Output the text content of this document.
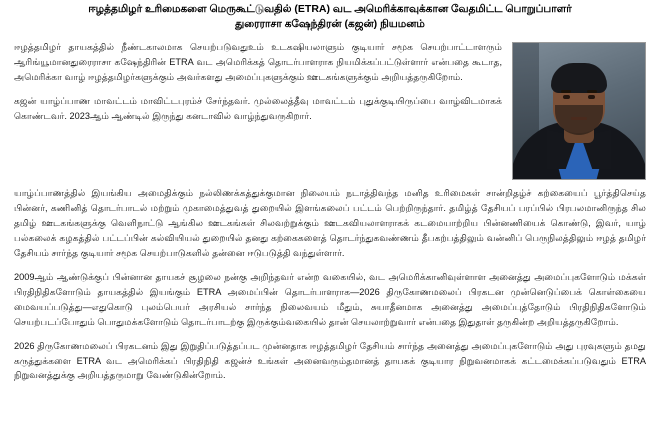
ஈழத்தமிழர் உரிமைகளை மெருகூட்டுவதில் (ETRA) வட அமெரிக்காவுக்கான வேதமிட்ட பொறுப்பாளர்
துரைராசா கஷேந்திரன் (கஜன்) நியமனம்

ஈழத்தமிழர் தாயகத்தில் நீண்டகாலமாக செயற்படுவதுஉம் உடகஷியலாளும் குடியார் சமூக செயற்பாட்டாளரும் ஆரிங்யூமானதுரைராசா கஷேந்திரின் ETRA வட அமெரிக்கத் தொடர்பாளராக நியமிக்கப்பட்டுள்ளார் என்பதை கூடாத, அமெரிக்கா வாழ் ஈழத்தமிழர்களுக்கும் அவர்களது அமைப்புகளுக்கும் ஊடகங்களுக்கும் அறியத்தருகிறோம்.

கஜன் யாழ்ப்பாண மாவட்டம் மாவிட்டபுரம்ச் சேர்ந்தவர். முல்லைத்தீவு மாவட்டம் புதுக்குடியிருப்பை வாழ்விடமாகக் கொண்டவர். 2023ஆம் ஆண்டில் இருந்து கனடாவில் வாழ்ந்துவருகிறார்.

யாழ்ப்பாணத்தில் இயங்கிய அமைதிக்கும் நல்லிணக்கத்துக்குமான நிலையம் நடாத்திவந்த மனித உரிமைகள் சான்றிதழ்ச் கற்கையைப் பூர்த்திசெய்த பின்னர், கணினித் தொடர்பாடல் மற்றும் முகாமைத்துவத் துறையில் இளங்கலைப் பட்டம் பெற்றிருந்தார். தமிழ்த் தேசியப் பரப்பில் பிரபலமானிருந்த சில தமிழ் ஊடகங்களுக்கு வெளிநாட்டு ஆங்கில ஊடகங்கள் சிலவற்றுக்கும் ஊடகவியலாளராகக் கடமையாற்றிய பின்னணியைக் கொண்டு, இவர், யாழ் பல்கலைக் கழகத்தில் பட்டப்பின் கல்வியியல் துறையில் தனது கற்கைகளைத் தொடர்ந்துகவண்ணம் தீபகற்பத்திலும் வன்னிப் பெருநிலத்திலும் ஈழத் தமிழர் தேசியம் சார்ந்த குடியார் சமூக செயற்பாடுகளில் தன்னை ஈடுபடுத்தி வந்துள்ளார்.

2009ஆம் ஆண்டுக்குப் பின்னான தாயகச் சூழலை நன்கு அறிந்தவர் என்ற வகையில், வட அமெரிக்கானிவுள்ளாள அனைத்து அமைப்புகளோடும் மக்கள் பிரதிநிதிகளோடும் தாயகத்தில் இயங்கும் ETRA அமைப்பின் தொடர்பாளராக—2026 திருகோணமலைப் பிரகடன முன்னெடுப்பைக் கொள்கையை மைவயப்படுத்து—எதுகொடு புலம்பெயர் அரசியல் சார்ந்த நிலைவயம் மீதும், சுயாதீனமாக அனைத்து அமைப்புத்தோடும் பிரதிநிதிகளோடும் செயற்படப்போதும் பொதுமக்களோடும் தொடர்பாடற்கு இருக்கும்வகையில் தான் செயலாற்றுவார் என்பதை இதுதாள் தருகின்ற அறியத்தருகிறோம்.

2026 திருகோணமலைப் பிரகடனம் இது இறுதிப்படுத்தப்பட முன்னதாக ஈழத்தமிழர் தேசியம் சார்ந்த அனைத்து அமைப்புகளோடும் அது புரவுகளும் தமது கருத்துக்களை ETRA வட அமெரிக்கப் பிரதிநிதி கஜன்ச் உங்கள் அனைவரும்தமானத் தாயகக் குடியார நிறுவனமாகக் கட்டமைக்கப்படுவதும் ETRA நிறுவனத்துக்கு அறியத்தருமாறு வேண்டுகின்றோம்.
